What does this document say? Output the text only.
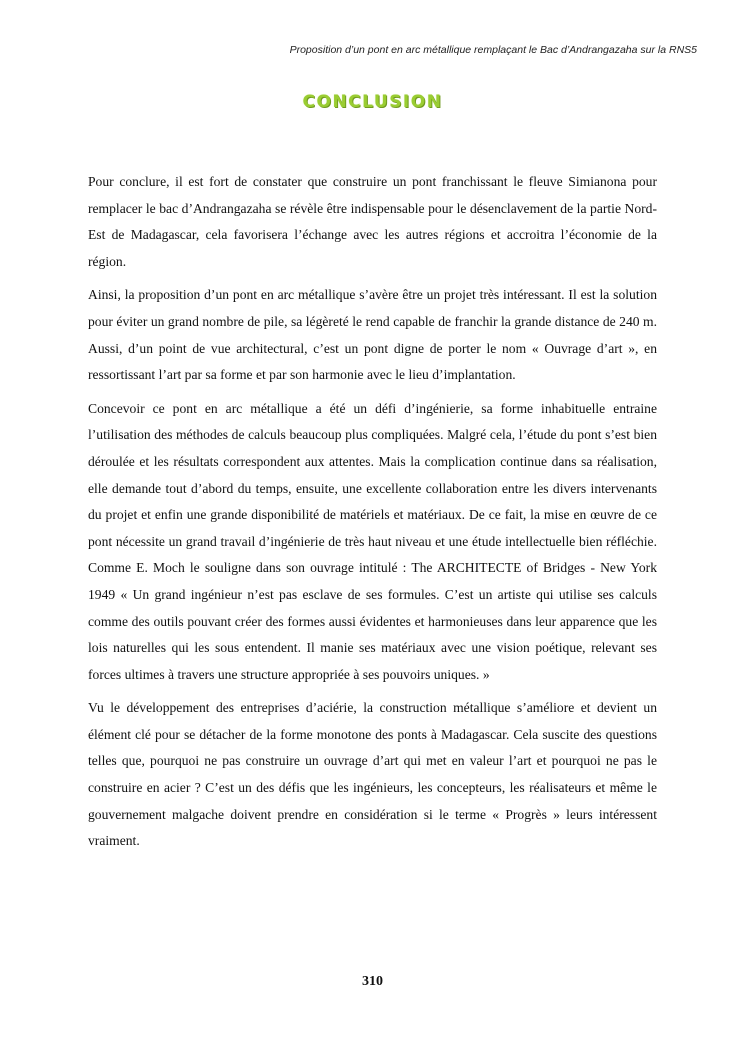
Proposition d’un pont en arc métallique remplaçant le Bac d’Andrangazaha sur la RNS5
CONCLUSION

Pour conclure, il est fort de constater que construire un pont franchissant le fleuve Simianona pour remplacer le bac d’Andrangazaha se révèle être indispensable pour le désenclavement de la partie Nord-Est de Madagascar, cela favorisera l’échange avec les autres régions et accroitra l’économie de la région.

Ainsi, la proposition d’un pont en arc métallique s’avère être un projet très intéressant. Il est la solution pour éviter un grand nombre de pile, sa légèreté le rend capable de franchir la grande distance de 240 m. Aussi, d’un point de vue architectural, c’est un pont digne de porter le nom « Ouvrage d’art », en ressortissant l’art par sa forme et par son harmonie avec le lieu d’implantation.

Concevoir ce pont en arc métallique a été un défi d’ingénierie, sa forme inhabituelle entraine l’utilisation des méthodes de calculs beaucoup plus compliquées. Malgré cela, l’étude du pont s’est bien déroulée et les résultats correspondent aux attentes. Mais la complication continue dans sa réalisation, elle demande tout d’abord du temps, ensuite, une excellente collaboration entre les divers intervenants du projet et enfin une grande disponibilité de matériels et matériaux. De ce fait, la mise en œuvre de ce pont nécessite un grand travail d’ingénierie de très haut niveau et une étude intellectuelle bien réfléchie. Comme E. Moch le souligne dans son ouvrage intitulé : The ARCHITECTE of Bridges - New York 1949 « Un grand ingénieur n’est pas esclave de ses formules. C’est un artiste qui utilise ses calculs comme des outils pouvant créer des formes aussi évidentes et harmonieuses dans leur apparence que les lois naturelles qui les sous entendent. Il manie ses matériaux avec une vision poétique, relevant ses forces ultimes à travers une structure appropriée à ses pouvoirs uniques. »

Vu le développement des entreprises d’aciérie, la construction métallique s’améliore et devient un élément clé pour se détacher de la forme monotone des ponts à Madagascar. Cela suscite des questions telles que, pourquoi ne pas construire un ouvrage d’art qui met en valeur l’art et pourquoi ne pas le construire en acier ? C’est un des défis que les ingénieurs, les concepteurs, les réalisateurs et même le gouvernement malgache doivent prendre en considération si le terme « Progrès » leurs intéressent vraiment.

310
